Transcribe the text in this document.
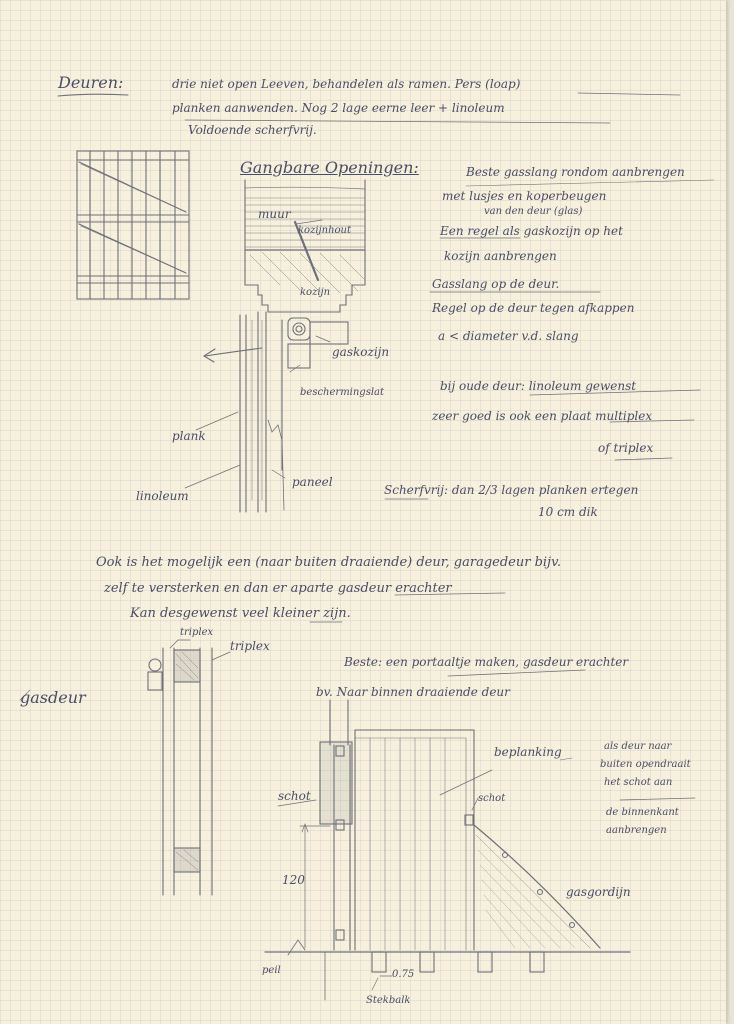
Deuren:	drie niet open Leeven, behandelen als ramen. Pers (loap)
planken aanwenden. Nog 2 lage eerne leer + linoleum
Voldoende scherfvrij.
Gangbare Openingen:
muur
kozijnhout
kozijn
gaskozijn
beschermingslat
plank
linoleum
paneel
Beste gasslang rondom aanbrengen
met lusjes en koperbeugen
van den deur (glas)
Een regel als gaskozijn op het
kozijn aanbrengen
Gasslang op de deur.
Regel op de deur tegen afkappen
a < diameter v.d. slang
bij oude deur: linoleum gewenst
zeer goed is ook een plaat multiplex
of triplex
Scherfvrij: dan 2/3 lagen planken ertegen
10 cm dik
Ook is het mogelijk een (naar buiten draaiende) deur, garagedeur bijv.
zelf te versterken en dan er aparte gasdeur erachter
Kan desgewenst veel kleiner zijn.
triplex
triplex
gasdeur
Beste: een portaaltje maken, gasdeur erachter
bv. Naar binnen draaiende deur
beplanking
schot	schot
120
peil	0.75
Stekbalk
gasgordijn
als deur naar
buiten opendraait
het schot aan
de binnenkant
aanbrengen
